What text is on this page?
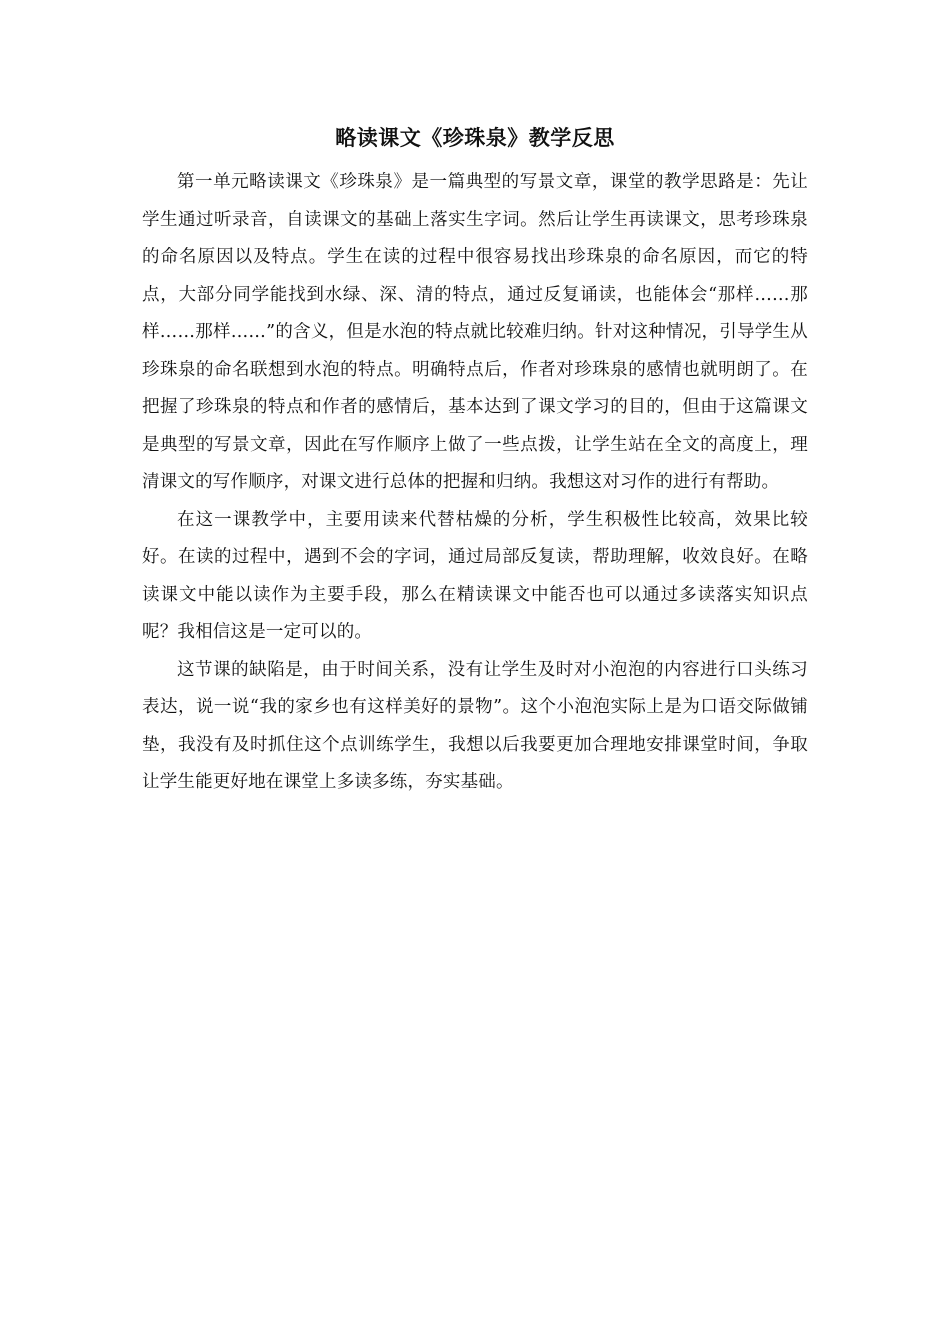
略读课文《珍珠泉》教学反思

第一单元略读课文《珍珠泉》是一篇典型的写景文章，课堂的教学思路是：先让学生通过听录音，自读课文的基础上落实生字词。然后让学生再读课文，思考珍珠泉的命名原因以及特点。学生在读的过程中很容易找出珍珠泉的命名原因，而它的特点，大部分同学能找到水绿、深、清的特点，通过反复诵读，也能体会“那样……那样……那样……”的含义，但是水泡的特点就比较难归纳。针对这种情况，引导学生从珍珠泉的命名联想到水泡的特点。明确特点后，作者对珍珠泉的感情也就明朗了。在把握了珍珠泉的特点和作者的感情后，基本达到了课文学习的目的，但由于这篇课文是典型的写景文章，因此在写作顺序上做了一些点拨，让学生站在全文的高度上，理清课文的写作顺序，对课文进行总体的把握和归纳。我想这对习作的进行有帮助。

在这一课教学中，主要用读来代替枯燥的分析，学生积极性比较高，效果比较好。在读的过程中，遇到不会的字词，通过局部反复读，帮助理解，收效良好。在略读课文中能以读作为主要手段，那么在精读课文中能否也可以通过多读落实知识点呢？我相信这是一定可以的。

这节课的缺陷是，由于时间关系，没有让学生及时对小泡泡的内容进行口头练习表达，说一说“我的家乡也有这样美好的景物”。这个小泡泡实际上是为口语交际做铺垫，我没有及时抓住这个点训练学生，我想以后我要更加合理地安排课堂时间，争取让学生能更好地在课堂上多读多练，夯实基础。
